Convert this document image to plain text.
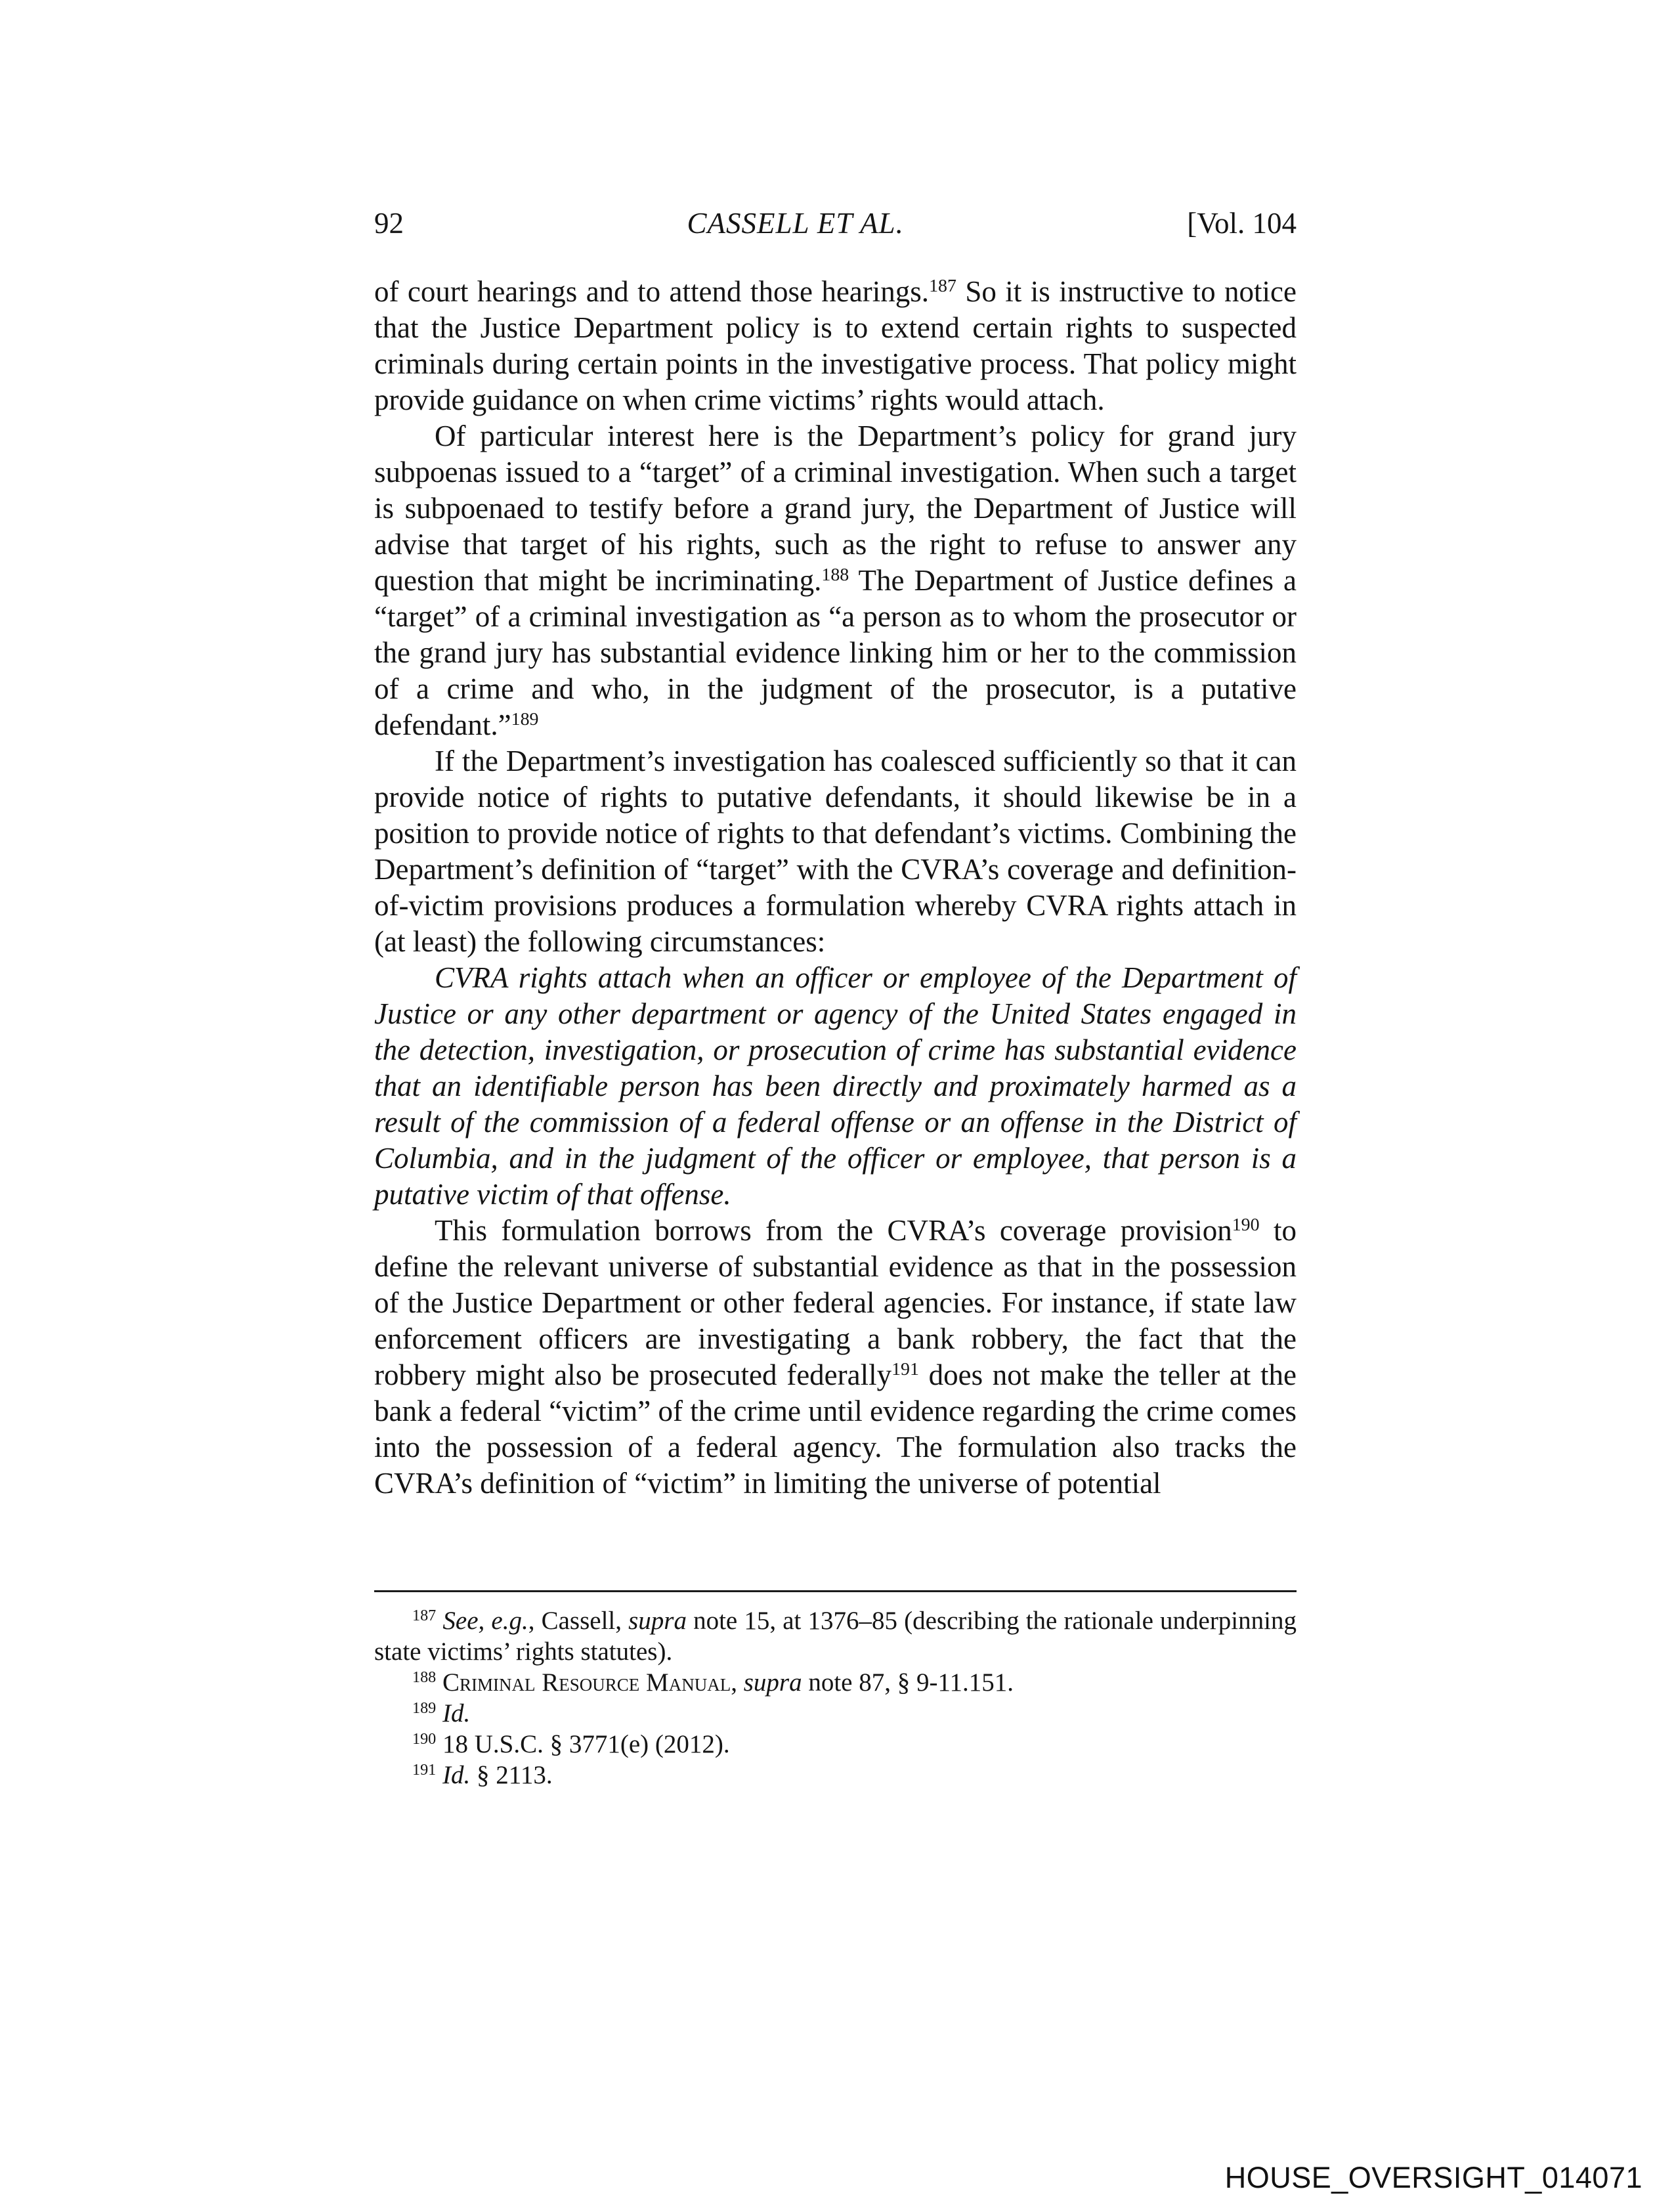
92	CASSELL ET AL.	[Vol. 104

of court hearings and to attend those hearings.$^{187}$ So it is instructive to notice that the Justice Department policy is to extend certain rights to suspected criminals during certain points in the investigative process. That policy might provide guidance on when crime victims’ rights would attach.

Of particular interest here is the Department’s policy for grand jury subpoenas issued to a “target” of a criminal investigation. When such a target is subpoenaed to testify before a grand jury, the Department of Justice will advise that target of his rights, such as the right to refuse to answer any question that might be incriminating.$^{188}$ The Department of Justice defines a “target” of a criminal investigation as “a person as to whom the prosecutor or the grand jury has substantial evidence linking him or her to the commission of a crime and who, in the judgment of the prosecutor, is a putative defendant.”$^{189}$

If the Department’s investigation has coalesced sufficiently so that it can provide notice of rights to putative defendants, it should likewise be in a position to provide notice of rights to that defendant’s victims. Combining the Department’s definition of “target” with the CVRA’s coverage and definition-of-victim provisions produces a formulation whereby CVRA rights attach in (at least) the following circumstances:

CVRA rights attach when an officer or employee of the Department of Justice or any other department or agency of the United States engaged in the detection, investigation, or prosecution of crime has substantial evidence that an identifiable person has been directly and proximately harmed as a result of the commission of a federal offense or an offense in the District of Columbia, and in the judgment of the officer or employee, that person is a putative victim of that offense.

This formulation borrows from the CVRA’s coverage provision$^{190}$ to define the relevant universe of substantial evidence as that in the possession of the Justice Department or other federal agencies. For instance, if state law enforcement officers are investigating a bank robbery, the fact that the robbery might also be prosecuted federally$^{191}$ does not make the teller at the bank a federal “victim” of the crime until evidence regarding the crime comes into the possession of a federal agency. The formulation also tracks the CVRA’s definition of “victim” in limiting the universe of potential

$^{187}$ See, e.g., Cassell, supra note 15, at 1376–85 (describing the rationale underpinning state victims’ rights statutes).

$^{188}$ Criminal Resource Manual, supra note 87, § 9-11.151.

$^{189}$ Id.

$^{190}$ 18 U.S.C. § 3771(e) (2012).

$^{191}$ Id. § 2113.

HOUSE_OVERSIGHT_014071
